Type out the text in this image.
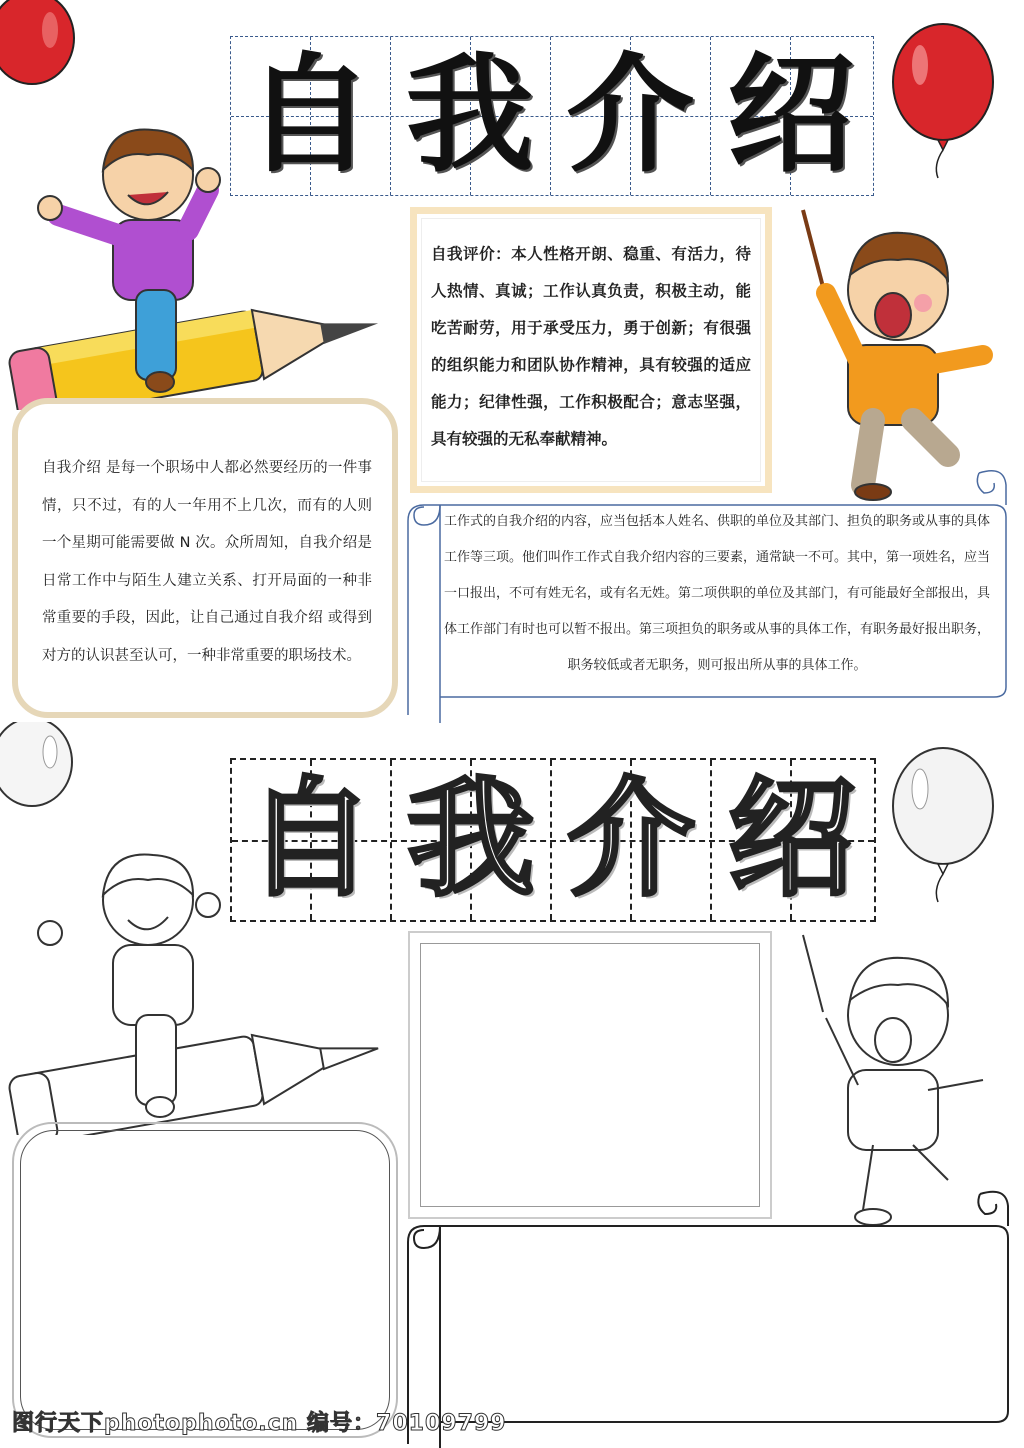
自 我 介 绍
自我评价：本人性格开朗、稳重、有活力，待人热情、真诚；工作认真负责，积极主动，能吃苦耐劳，用于承受压力，勇于创新；有很强的组织能力和团队协作精神，具有较强的适应能力；纪律性强，工作积极配合；意志坚强，具有较强的无私奉献精神。
自我介绍 是每一个职场中人都必然要经历的一件事情，只不过，有的人一年用不上几次，而有的人则一个星期可能需要做 N 次。众所周知，自我介绍是日常工作中与陌生人建立关系、打开局面的一种非常重要的手段，因此，让自己通过自我介绍 或得到对方的认识甚至认可，一种非常重要的职场技术。
工作式的自我介绍的内容，应当包括本人姓名、供职的单位及其部门、担负的职务或从事的具体工作等三项。他们叫作工作式自我介绍内容的三要素，通常缺一不可。其中，第一项姓名，应当一口报出，不可有姓无名，或有名无姓。第二项供职的单位及其部门，有可能最好全部报出，具体工作部门有时也可以暂不报出。第三项担负的职务或从事的具体工作，有职务最好报出职务，职务较低或者无职务，则可报出所从事的具体工作。
自 我 介 绍
图行天下photophoto.cn 编号：70109799
